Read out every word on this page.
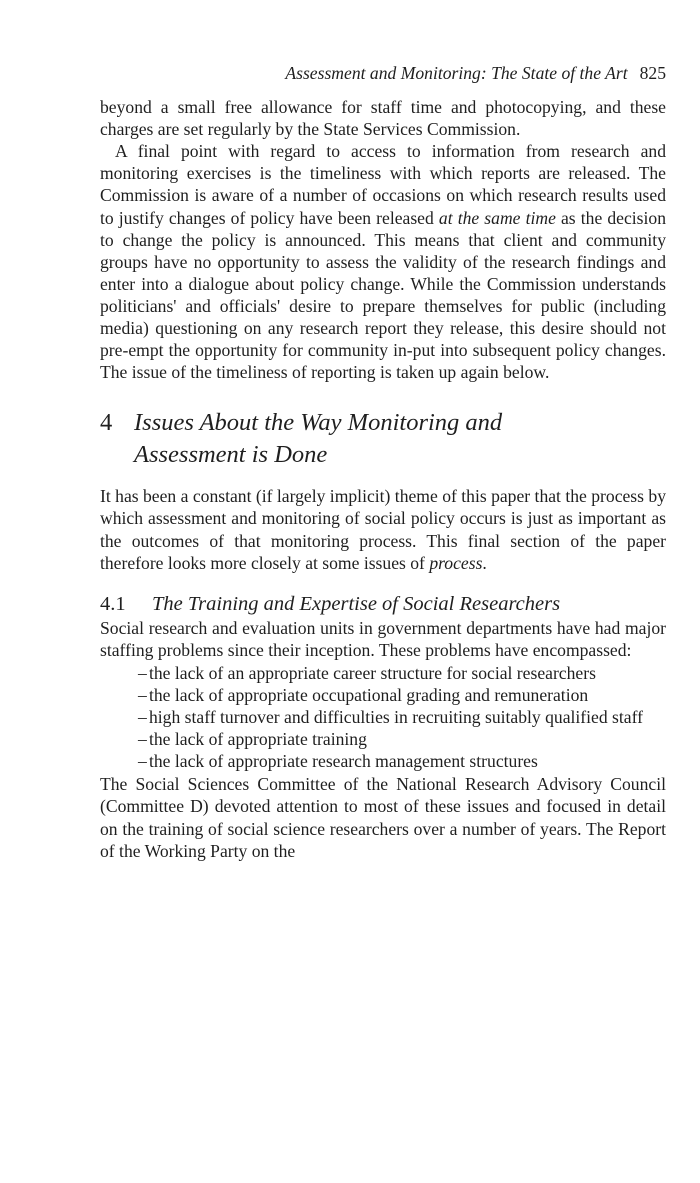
Assessment and Monitoring: The State of the Art 825

beyond a small free allowance for staff time and photocopying, and these charges are set regularly by the State Services Commission.

A final point with regard to access to information from research and monitoring exercises is the timeliness with which reports are released. The Commission is aware of a number of occasions on which research results used to justify changes of policy have been released at the same time as the decision to change the policy is announced. This means that client and community groups have no opportunity to assess the validity of the research findings and enter into a dialogue about policy change. While the Commission understands politicians' and officials' desire to prepare themselves for public (including media) questioning on any research report they release, this desire should not pre-empt the opportunity for community in-put into subsequent policy changes. The issue of the timeliness of reporting is taken up again below.

4 Issues About the Way Monitoring and Assessment is Done

It has been a constant (if largely implicit) theme of this paper that the process by which assessment and monitoring of social policy occurs is just as important as the outcomes of that monitoring process. This final section of the paper therefore looks more closely at some issues of process.

4.1	The Training and Expertise of Social Researchers

Social research and evaluation units in government departments have had major staffing problems since their inception. These problems have encompassed:

– the lack of an appropriate career structure for social researchers
– the lack of appropriate occupational grading and remuneration
– high staff turnover and difficulties in recruiting suitably qualified staff
– the lack of appropriate training
– the lack of appropriate research management structures

The Social Sciences Committee of the National Research Advisory Council (Committee D) devoted attention to most of these issues and focused in detail on the training of social science researchers over a number of years. The Report of the Working Party on the
